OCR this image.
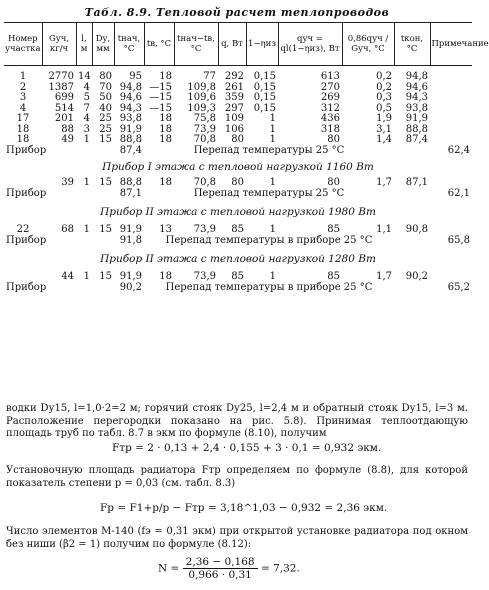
Табл. 8.9. Тепловой расчет теплопроводов
Номер участка	Gуч, кг/ч	l, м	Dу, мм	tнач, °C	tв, °C	tнач−tв, °C	q, Вт	1−ηиз	qуч = ql(1−ηиз), Вт	0,86qуч / Gуч, °C	tкон, °C	Примечание	

1	2770	14	80	95	18	77	292	0,15	613	0,2	94,8		
2	1387	4	70	94,8	—15	109,8	261	0,15	270	0,2	94,6		
3	699	5	50	94,6	—15	109,6	359	0,15	269	0,3	94,3		
4	514	7	40	94,3	—15	109,3	297	0,15	312	0,5	93,8		
17	201	4	25	93,8	18	75,8	109	1	436	1,9	91,9		
18	88	3	25	91,9	18	73,9	106	1	318	3,1	88,8		
18	49	1	15	88,8	18	70,8	80	1	80	1,4	87,4		
Прибор				87,4	Перепад температуры 25 °C							62,4	
Прибор I этажа с тепловой нагрузкой 1160 Вт													
	39	1	15	88,8	18	70,8	80	1	80	1,7	87,1		
Прибор				87,1	Перепад температуры 25 °C							62,1	
Прибор II этажа с тепловой нагрузкой 1980 Вт													
22	68	1	15	91,9	13	73,9	85	1	85	1,1	90,8		
Прибор				91,8	Перепад температуры в приборе 25 °C							65,8	
Прибор II этажа с тепловой нагрузкой 1280 Вт													
	44	1	15	91,9	18	73,9	85	1	85	1,7	90,2		
Прибор				90,2	Перепад температуры в приборе 25 °C							65,2	
водки Dу15, l=1,0·2=2 м; горячий стояк Dу25, l=2,4 м и обратный стояк Dу15, l=3 м. Расположение перегородки показано на рис. 5.8). Принимая теплоотдающую площадь труб по табл. 8.7 в экм по формуле (8.10), получим
Fтр = 2 · 0,13 + 2,4 · 0,155 + 3 · 0,1 = 0,932 экм.
Установочную площадь радиатора Fтр определяем по формуле (8.8), для которой показатель степени p = 0,03 (см. табл. 8.3)
Fр = F1+p/p − Fтр = 3,18^1,03 − 0,932 = 2,36 экм.
Число элементов М-140 (fэ = 0,31 экм) при открытой установке радиатора под окном без ниши (β2 = 1) получим по формуле (8.12):
$N = \frac{2,36 - 0,168}{0,966 \cdot 0,31} = 7,32$.
